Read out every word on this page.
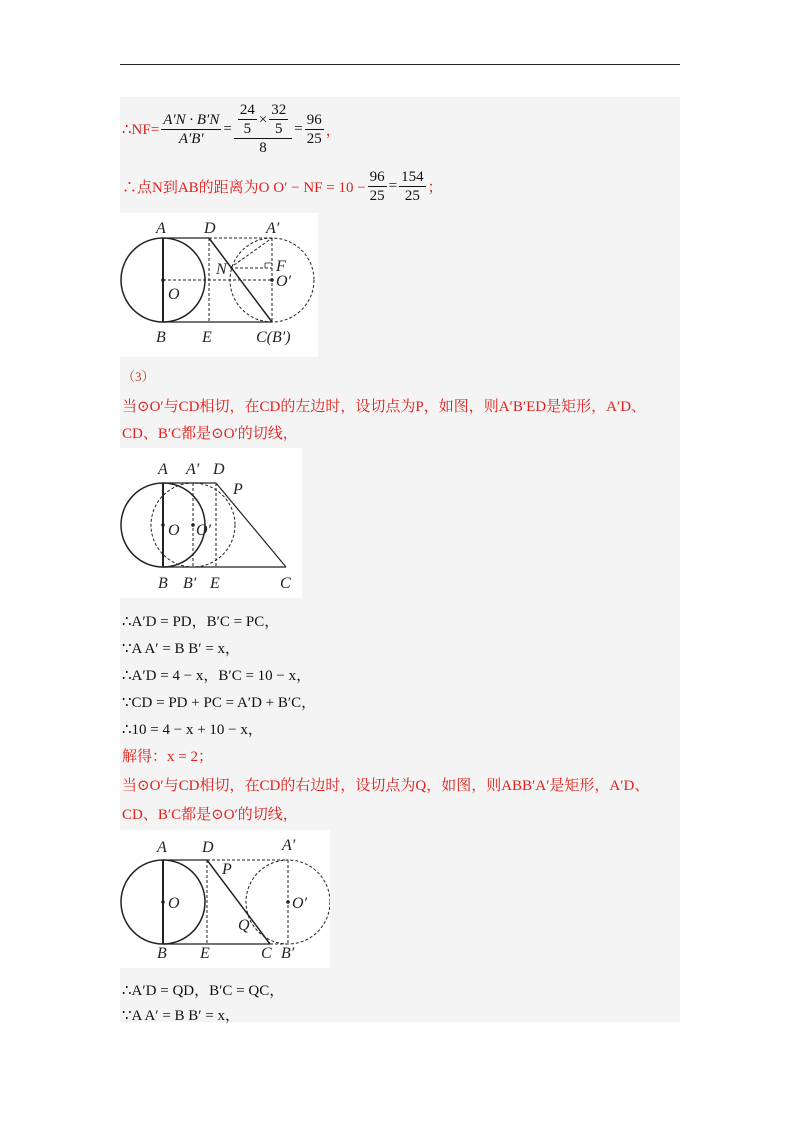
∴NF= $\frac{A'N \cdot B'N}{A'B'} = \frac{\frac{24}{5} \times \frac{32}{5}}{8} = \frac{96}{25}$ ，
∴点N到AB的距离为O O′ − NF = $10 - \frac{96}{25} = \frac{154}{25}$ ；
A D	A′
N	F
O
O′
B E	C(B′)
（3）
当⊙O′与CD相切，在CD的左边时，设切点为P，如图，则A′B′ED是矩形，A′D、
CD、B′C都是⊙O′的切线，
A A′ D
P
O O′
B B′ E	C
∴A′D = PD，B′C = PC，
∵A A′ = B B′ = x，
∴A′D = 4 − x，B′C = 10 − x，
∵CD = PD + PC = A′D + B′C，
∴10 = 4 − x + 10 − x，
解得：x = 2；
当⊙O′与CD相切，在CD的右边时，设切点为Q，如图，则ABB′A′是矩形，A′D、
CD、B′C都是⊙O′的切线，
A D	A′
P
O	O′
Q
B E	C B′
∴A′D = QD，B′C = QC，
∵A A′ = B B′ = x，
